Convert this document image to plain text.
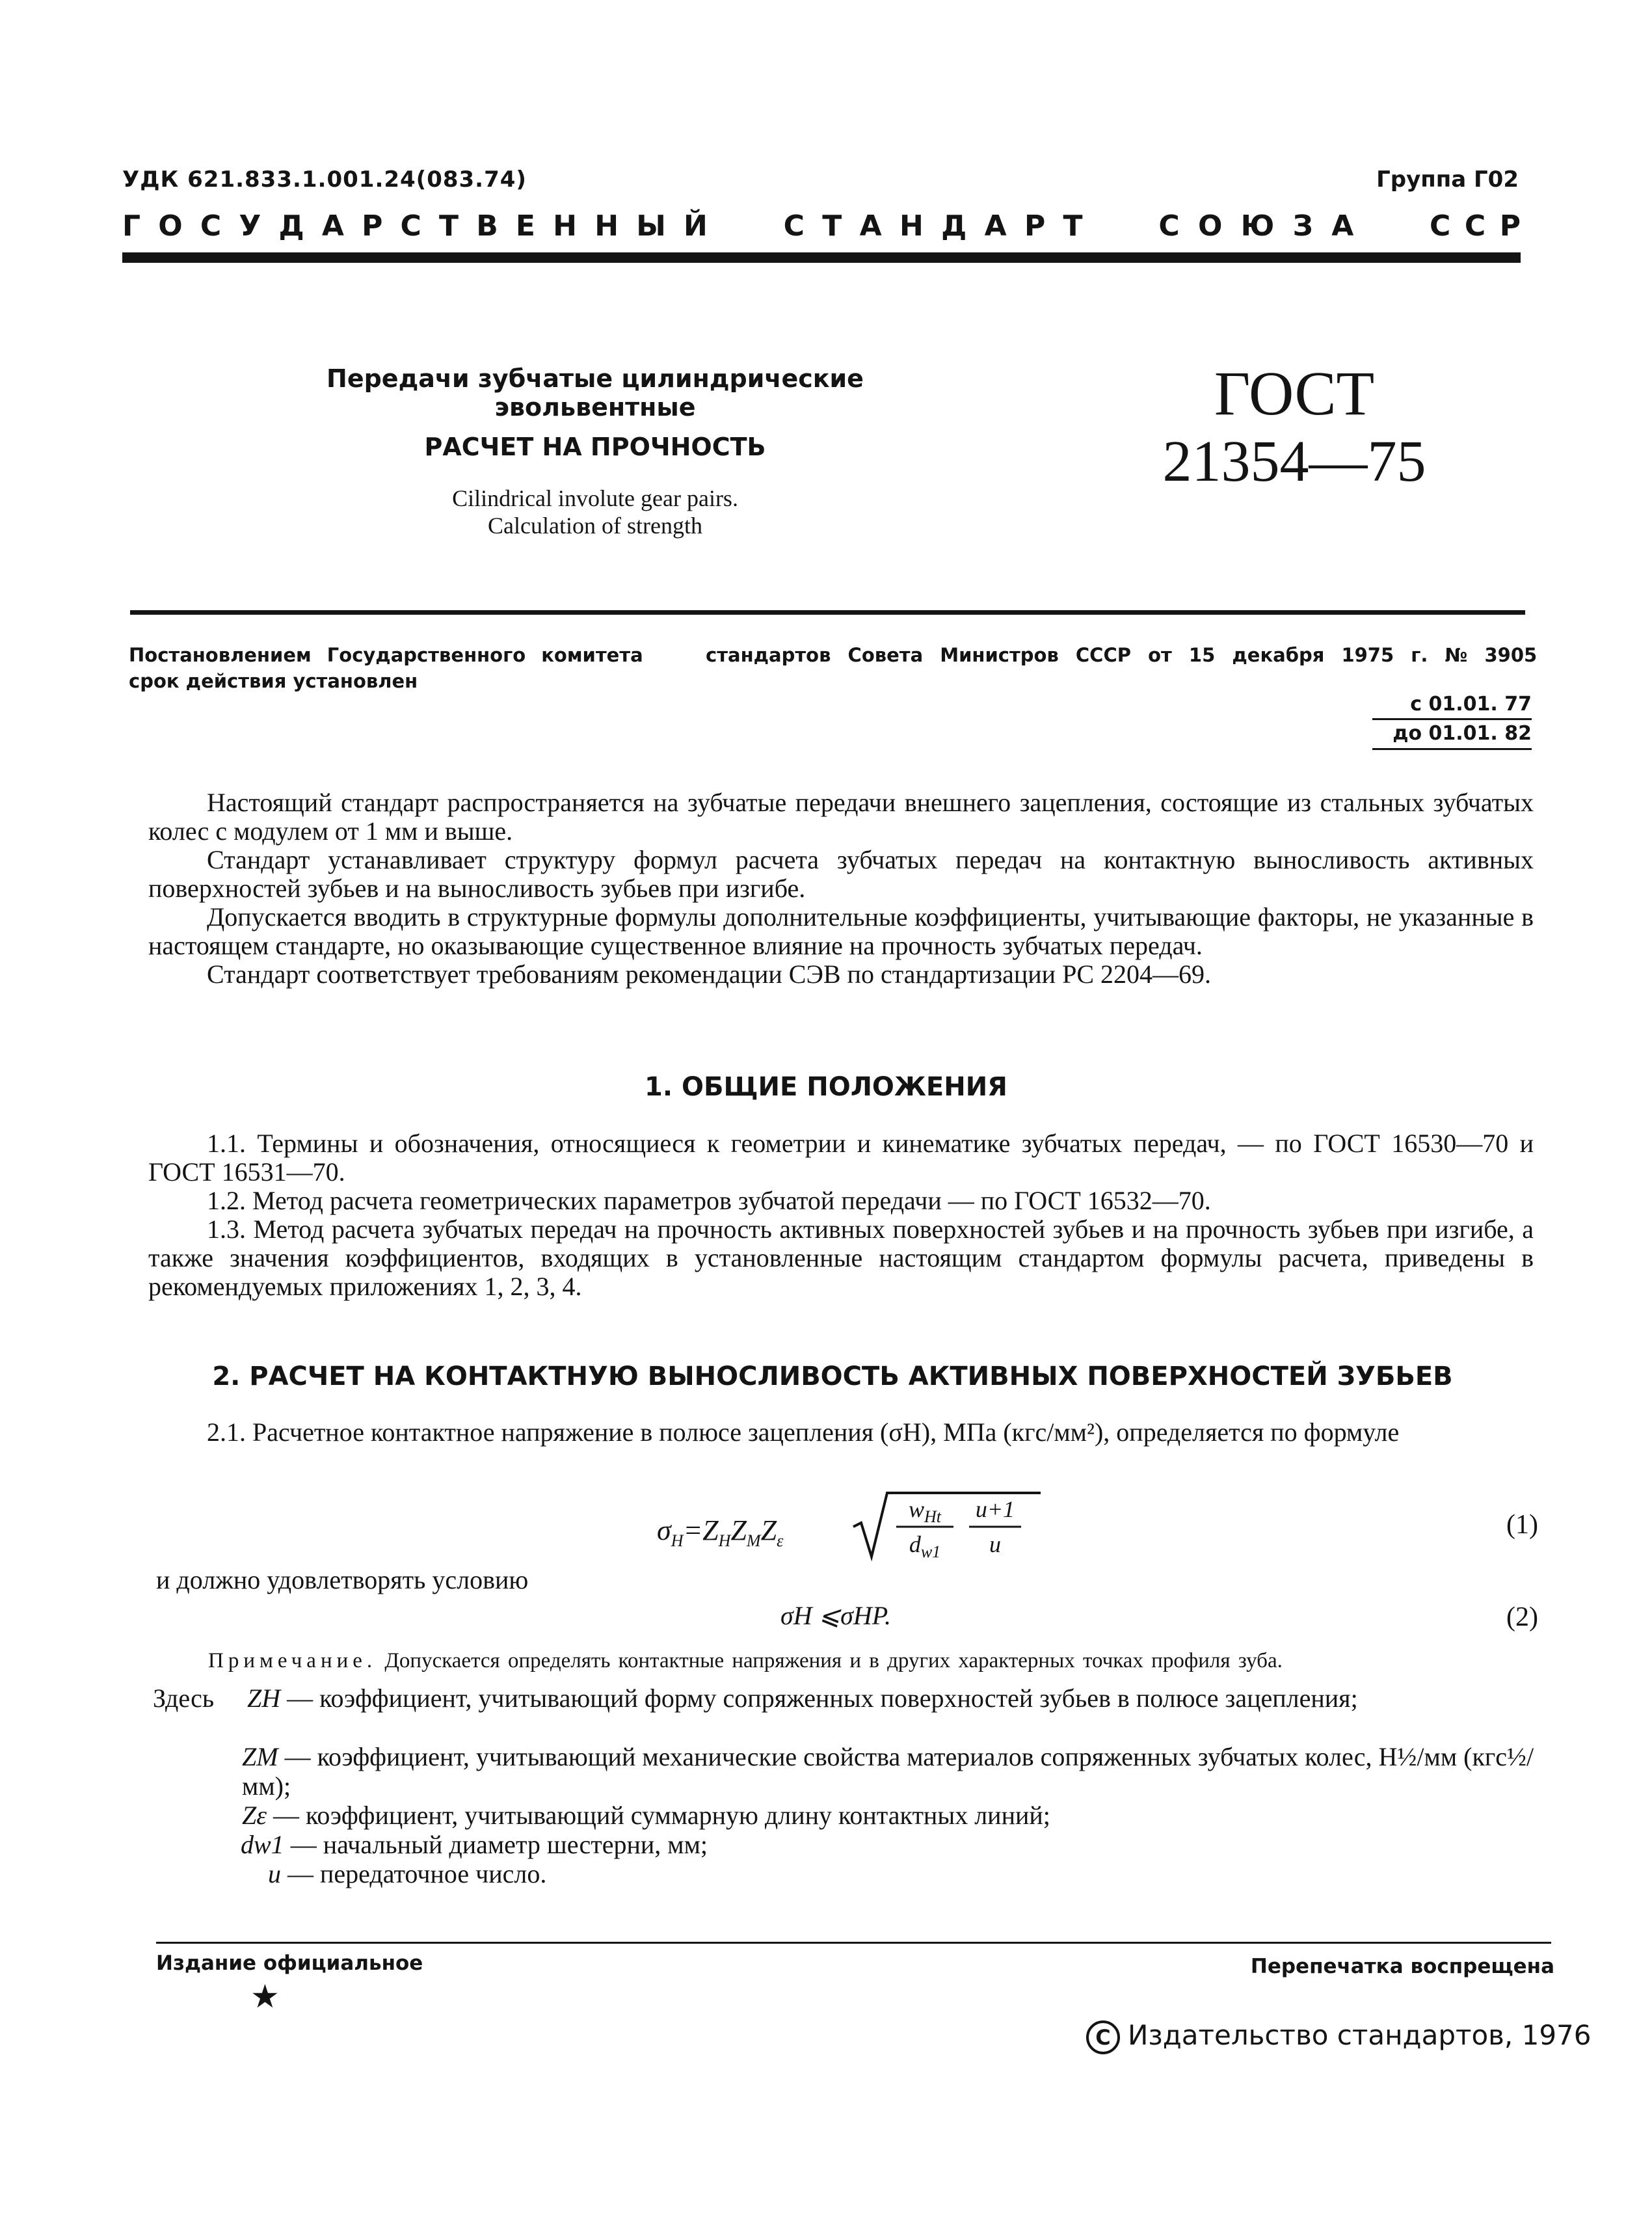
УДК 621.833.1.001.24(083.74)	Группа Г02
Г О С У Д А Р С Т В Е Н Н Ы Й	С Т А Н Д А Р Т	С О Ю З А	С С Р
Передачи зубчатые цилиндрические эвольвентные
РАСЧЕТ НА ПРОЧНОСТЬ
Cilindrical involute gear pairs.
Calculation of strength
ГОСТ
21354—75
Постановлением Государственного комитета	стандартов Совета Министров СССР от 15 декабря 1975 г. № 3905
срок действия установлен
с 01.01. 77
до 01.01. 82

Настоящий стандарт распространяется на зубчатые передачи внешнего зацепления, состоящие из стальных зубчатых колес с модулем от 1 мм и выше.

Стандарт устанавливает структуру формул расчета зубчатых передач на контактную выносливость активных поверхностей зубьев и на выносливость зубьев при изгибе.

Допускается вводить в структурные формулы дополнительные коэффициенты, учитывающие факторы, не указанные в настоящем стандарте, но оказывающие существенное влияние на прочность зубчатых передач.

Стандарт соответствует требованиям рекомендации СЭВ по стандартизации PC 2204—69.

1. ОБЩИЕ ПОЛОЖЕНИЯ

1.1. Термины и обозначения, относящиеся к геометрии и кинематике зубчатых передач, — по ГОСТ 16530—70 и ГОСТ 16531—70.

1.2. Метод расчета геометрических параметров зубчатой передачи — по ГОСТ 16532—70.

1.3. Метод расчета зубчатых передач на прочность активных поверхностей зубьев и на прочность зубьев при изгибе, а также значения коэффициентов, входящих в установленные настоящим стандартом формулы расчета, приведены в рекомендуемых приложениях 1, 2, 3, 4.

2. РАСЧЕТ НА КОНТАКТНУЮ ВЫНОСЛИВОСТЬ АКТИВНЫХ ПОВЕРХНОСТЕЙ ЗУБЬЕВ

2.1. Расчетное контактное напряжение в полюсе зацепления (σH), МПа (кгс/мм²), определяется по формуле

$\sigma_H=Z_HZ_MZ_\varepsilon$
$w_{Ht}$
$d_{w1}$
u+1
u
(1)
и должно удовлетворять условию
σH ⩽σHP.	(2)
Примечание. Допускается определять контактные напряжения и в других характерных точках профиля зуба.
Здесь ZH — коэффициент, учитывающий форму сопряженных поверхностей зубьев в полюсе зацепления;
ZM — коэффициент, учитывающий механические свойства материалов сопряженных зубчатых колес, Н½/мм (кгс½/мм);
Zε — коэффициент, учитывающий суммарную длину контактных линий;
dw1 — начальный диаметр шестерни, мм;
u — передаточное число.
Издание официальное	Перепечатка воспрещена
★
C Издательство стандартов, 1976
